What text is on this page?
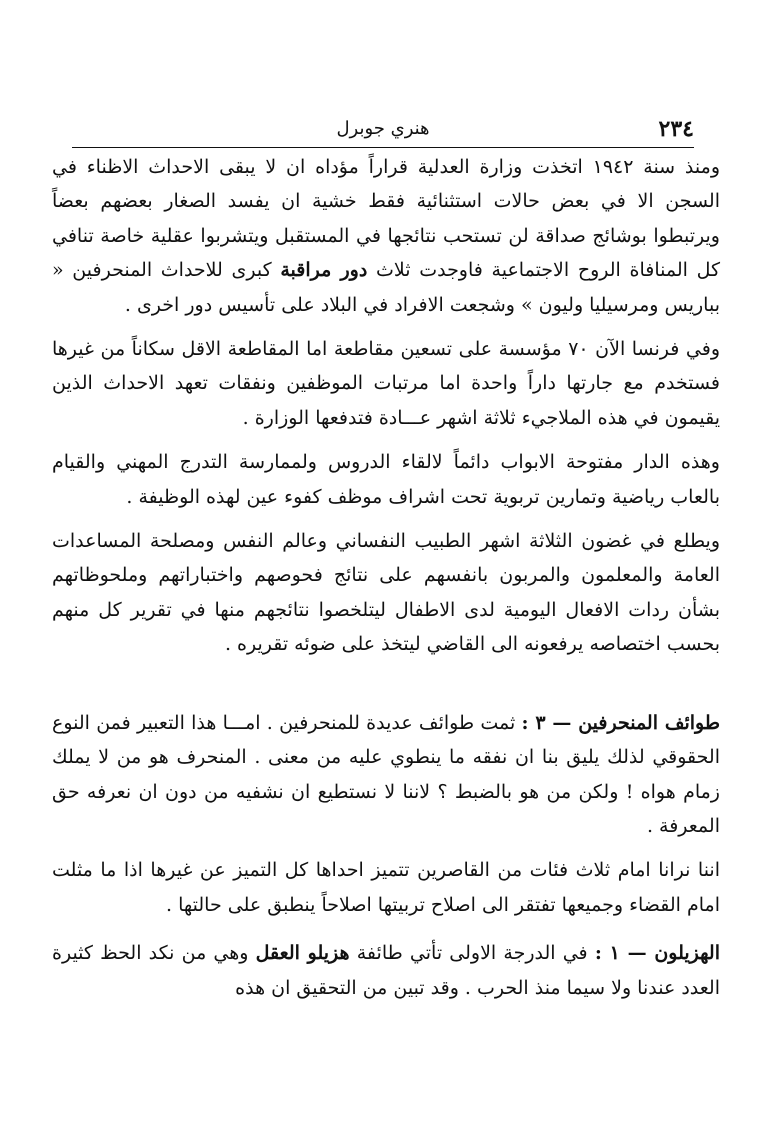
٢٣٤
هنري جوبرل

ومنذ سنة ١٩٤٢ اتخذت وزارة العدلية قراراً مؤداه ان لا يبقى الاحداث الاظناء في السجن الا في بعض حالات استثنائية فقط خشية ان يفسد الصغار بعضهم بعضاً ويرتبطوا بوشائج صداقة لن تستحب نتائجها في المستقبل ويتشربوا عقلية خاصة تنافي كل المنافاة الروح الاجتماعية فاوجدت ثلاث دور مراقبة كبرى للاحداث المنحرفين « بباريس ومرسيليا وليون » وشجعت الافراد في البلاد على تأسيس دور اخرى .

وفي فرنسا الآن ٧٠ مؤسسة على تسعين مقاطعة اما المقاطعة الاقل سكاناً من غيرها فستخدم مع جارتها داراً واحدة اما مرتبات الموظفين ونفقات تعهد الاحداث الذين يقيمون في هذه الملاجيء ثلاثة اشهر عـــادة فتدفعها الوزارة .

وهذه الدار مفتوحة الابواب دائماً لالقاء الدروس ولممارسة التدرج المهني والقيام بالعاب رياضية وتمارين تربوية تحت اشراف موظف كفوء عين لهذه الوظيفة .

ويطلع في غضون الثلاثة اشهر الطبيب النفساني وعالم النفس ومصلحة المساعدات العامة والمعلمون والمربون بانفسهم على نتائج فحوصهم واختباراتهم وملحوظاتهم بشأن ردات الافعال اليومية لدى الاطفال ليتلخصوا نتائجهم منها في تقرير كل منهم بحسب اختصاصه يرفعونه الى القاضي ليتخذ على ضوئه تقريره .

طوائف المنحرفين — ٣ : ثمت طوائف عديدة للمنحرفين . امـــا هذا التعبير فمن النوع الحقوقي لذلك يليق بنا ان نفقه ما ينطوي عليه من معنى . المنحرف هو من لا يملك زمام هواه ! ولكن من هو بالضبط ؟ لاننا لا نستطيع ان نشفيه من دون ان نعرفه حق المعرفة .

اننا نرانا امام ثلاث فئات من القاصرين تتميز احداها كل التميز عن غيرها اذا ما مثلت امام القضاء وجميعها تفتقر الى اصلاح تربيتها اصلاحاً ينطبق على حالتها .

الهزيلون — ١ : في الدرجة الاولى تأتي طائفة هزيلو العقل وهي من نكد الحظ كثيرة العدد عندنا ولا سيما منذ الحرب . وقد تبين من التحقيق ان هذه
